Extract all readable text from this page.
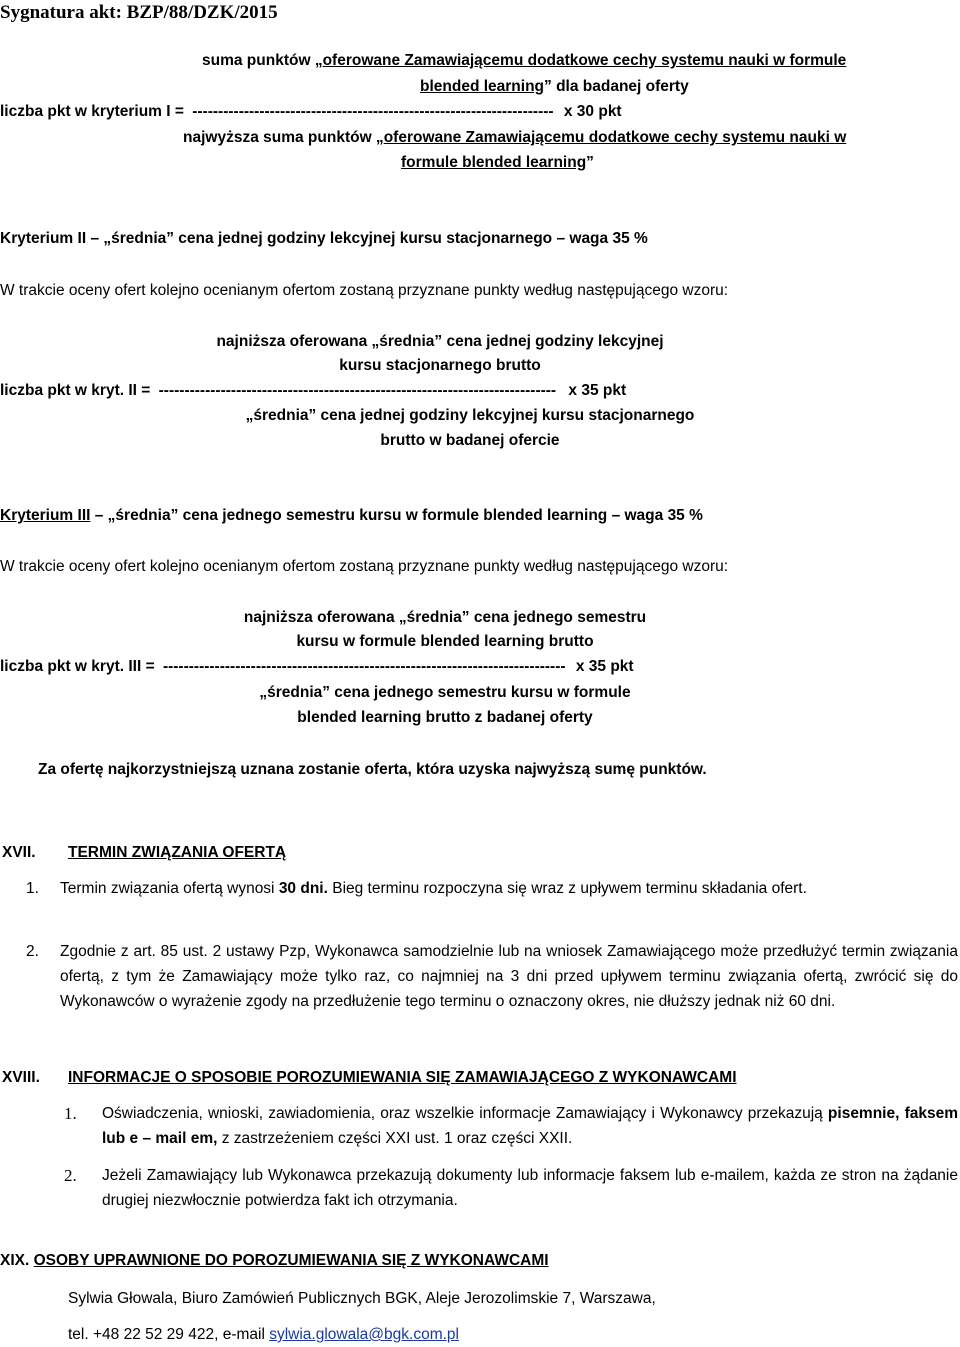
Sygnatura akt: BZP/88/DZK/2015
suma punktów „oferowane Zamawiającemu dodatkowe cechy systemu nauki w formule
blended learning” dla badanej oferty
liczba pkt w kryterium I = ---------------------------------------------------------------------- x 30 pkt
najwyższa suma punktów „oferowane Zamawiającemu dodatkowe cechy systemu nauki w
formule blended learning”
Kryterium II – „średnia” cena jednej godziny lekcyjnej kursu stacjonarnego – waga 35 %
W trakcie oceny ofert kolejno ocenianym ofertom zostaną przyznane punkty według następującego wzoru:
najniższa oferowana „średnia” cena jednej godziny lekcyjnej
kursu stacjonarnego brutto
liczba pkt w kryt. II = ----------------------------------------------------------------------------- x 35 pkt
„średnia” cena jednej godziny lekcyjnej kursu stacjonarnego
brutto w badanej ofercie
Kryterium III – „średnia” cena jednego semestru kursu w formule blended learning – waga 35 %
W trakcie oceny ofert kolejno ocenianym ofertom zostaną przyznane punkty według następującego wzoru:
najniższa oferowana „średnia” cena jednego semestru
kursu w formule blended learning brutto
liczba pkt w kryt. III = ------------------------------------------------------------------------------ x 35 pkt
„średnia” cena jednego semestru kursu w formule
blended learning brutto z badanej oferty
Za ofertę najkorzystniejszą uznana zostanie oferta, która uzyska najwyższą sumę punktów.
XVII. TERMIN ZWIĄZANIA OFERTĄ
1. Termin związania ofertą wynosi 30 dni. Bieg terminu rozpoczyna się wraz z upływem terminu składania ofert.
2. Zgodnie z art. 85 ust. 2 ustawy Pzp, Wykonawca samodzielnie lub na wniosek Zamawiającego może przedłużyć termin związania ofertą, z tym że Zamawiający może tylko raz, co najmniej na 3 dni przed upływem terminu związania ofertą, zwrócić się do Wykonawców o wyrażenie zgody na przedłużenie tego terminu o oznaczony okres, nie dłuższy jednak niż 60 dni.
XVIII. INFORMACJE O SPOSOBIE POROZUMIEWANIA SIĘ ZAMAWIAJĄCEGO Z WYKONAWCAMI
1. Oświadczenia, wnioski, zawiadomienia, oraz wszelkie informacje Zamawiający i Wykonawcy przekazują pisemnie, faksem lub e – mail em, z zastrzeżeniem części XXI ust. 1 oraz części XXII.
2. Jeżeli Zamawiający lub Wykonawca przekazują dokumenty lub informacje faksem lub e-mailem, każda ze stron na żądanie drugiej niezwłocznie potwierdza fakt ich otrzymania.
XIX. OSOBY UPRAWNIONE DO POROZUMIEWANIA SIĘ Z WYKONAWCAMI
Sylwia Głowala, Biuro Zamówień Publicznych BGK, Aleje Jerozolimskie 7, Warszawa,
tel. +48 22 52 29 422, e-mail sylwia.glowala@bgk.com.pl
